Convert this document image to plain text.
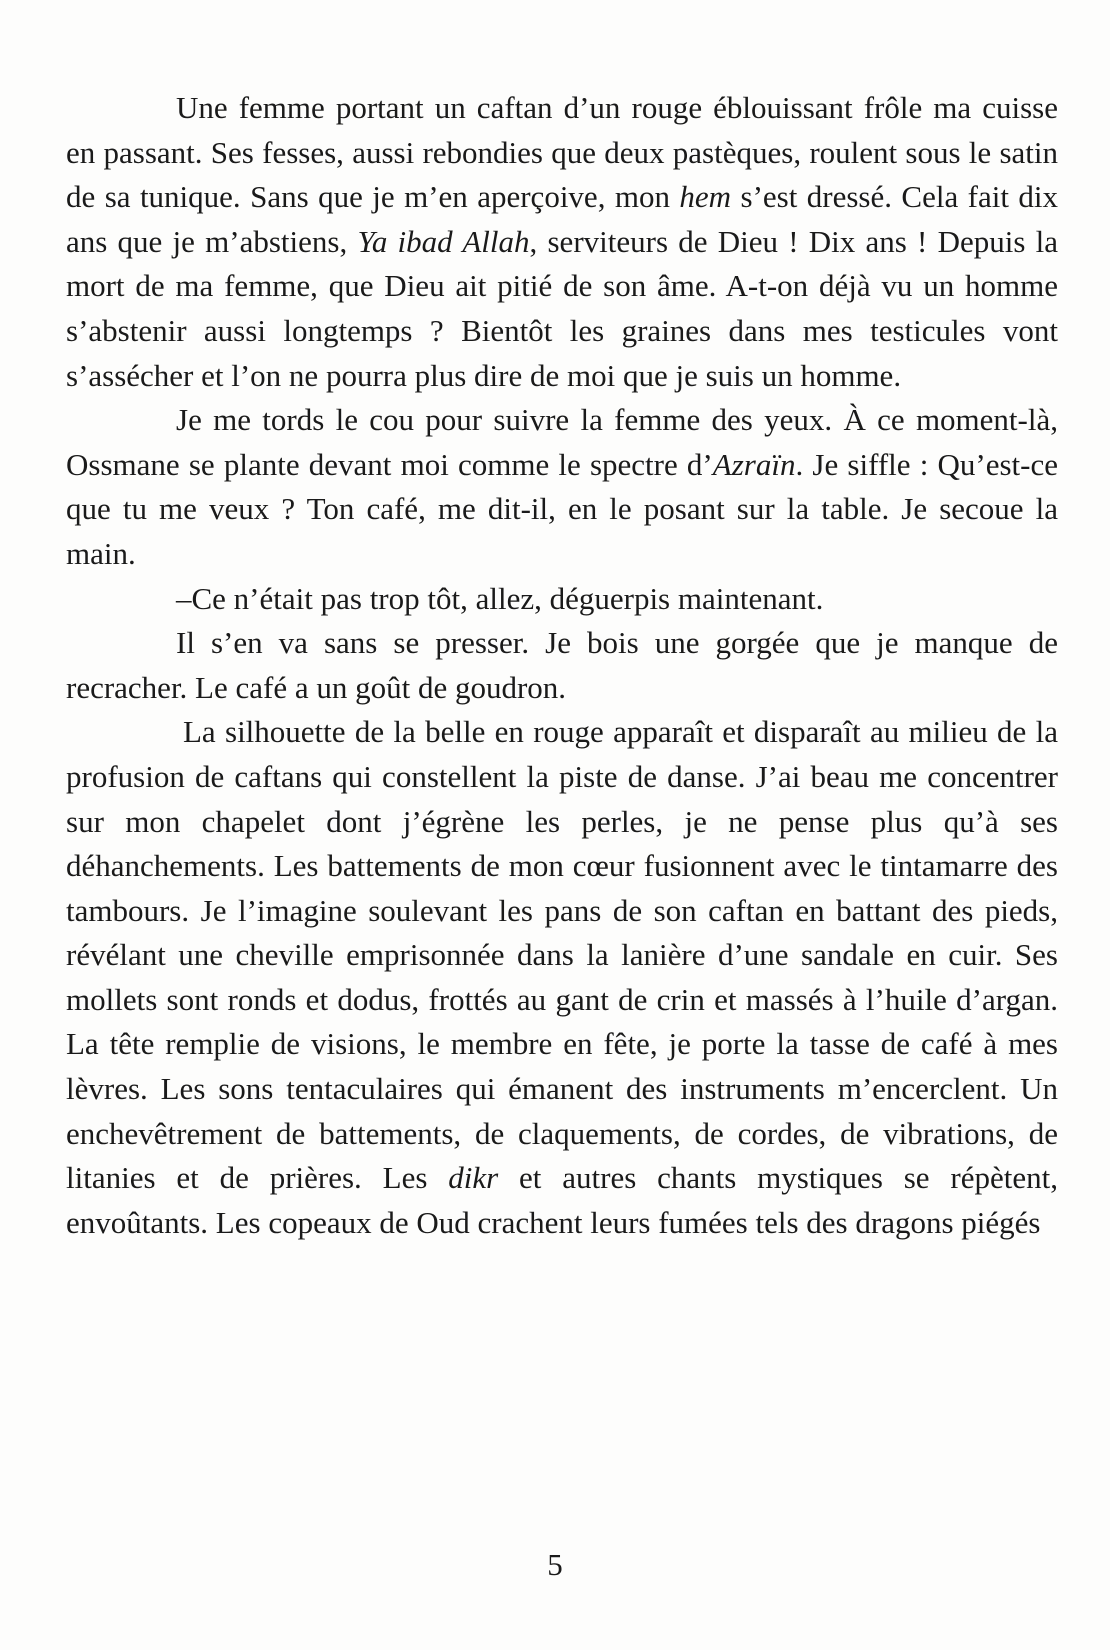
Une femme portant un caftan d’un rouge éblouissant frôle ma cuisse en passant. Ses fesses, aussi rebondies que deux pastèques, roulent sous le satin de sa tunique. Sans que je m’en aperçoive, mon hem s’est dressé. Cela fait dix ans que je m’abstiens, Ya ibad Allah, serviteurs de Dieu ! Dix ans ! Depuis la mort de ma femme, que Dieu ait pitié de son âme. A-t-on déjà vu un homme s’abstenir aussi longtemps ? Bientôt les graines dans mes testicules vont s’assécher et l’on ne pourra plus dire de moi que je suis un homme.

Je me tords le cou pour suivre la femme des yeux. À ce moment-là, Ossmane se plante devant moi comme le spectre d’Azraïn. Je siffle : Qu’est-ce que tu me veux ? Ton café, me dit-il, en le posant sur la table. Je secoue la main.

–Ce n’était pas trop tôt, allez, déguerpis maintenant.

Il s’en va sans se presser. Je bois une gorgée que je manque de recracher. Le café a un goût de goudron.

La silhouette de la belle en rouge apparaît et disparaît au milieu de la profusion de caftans qui constellent la piste de danse. J’ai beau me concentrer sur mon chapelet dont j’égrène les perles, je ne pense plus qu’à ses déhanchements. Les battements de mon cœur fusionnent avec le tintamarre des tambours. Je l’imagine soulevant les pans de son caftan en battant des pieds, révélant une cheville emprisonnée dans la lanière d’une sandale en cuir. Ses mollets sont ronds et dodus, frottés au gant de crin et massés à l’huile d’argan. La tête remplie de visions, le membre en fête, je porte la tasse de café à mes lèvres. Les sons tentaculaires qui émanent des instruments m’encerclent. Un enchevêtrement de battements, de claquements, de cordes, de vibrations, de litanies et de prières. Les dikr et autres chants mystiques se répètent, envoûtants. Les copeaux de Oud crachent leurs fumées tels des dragons piégés

5
